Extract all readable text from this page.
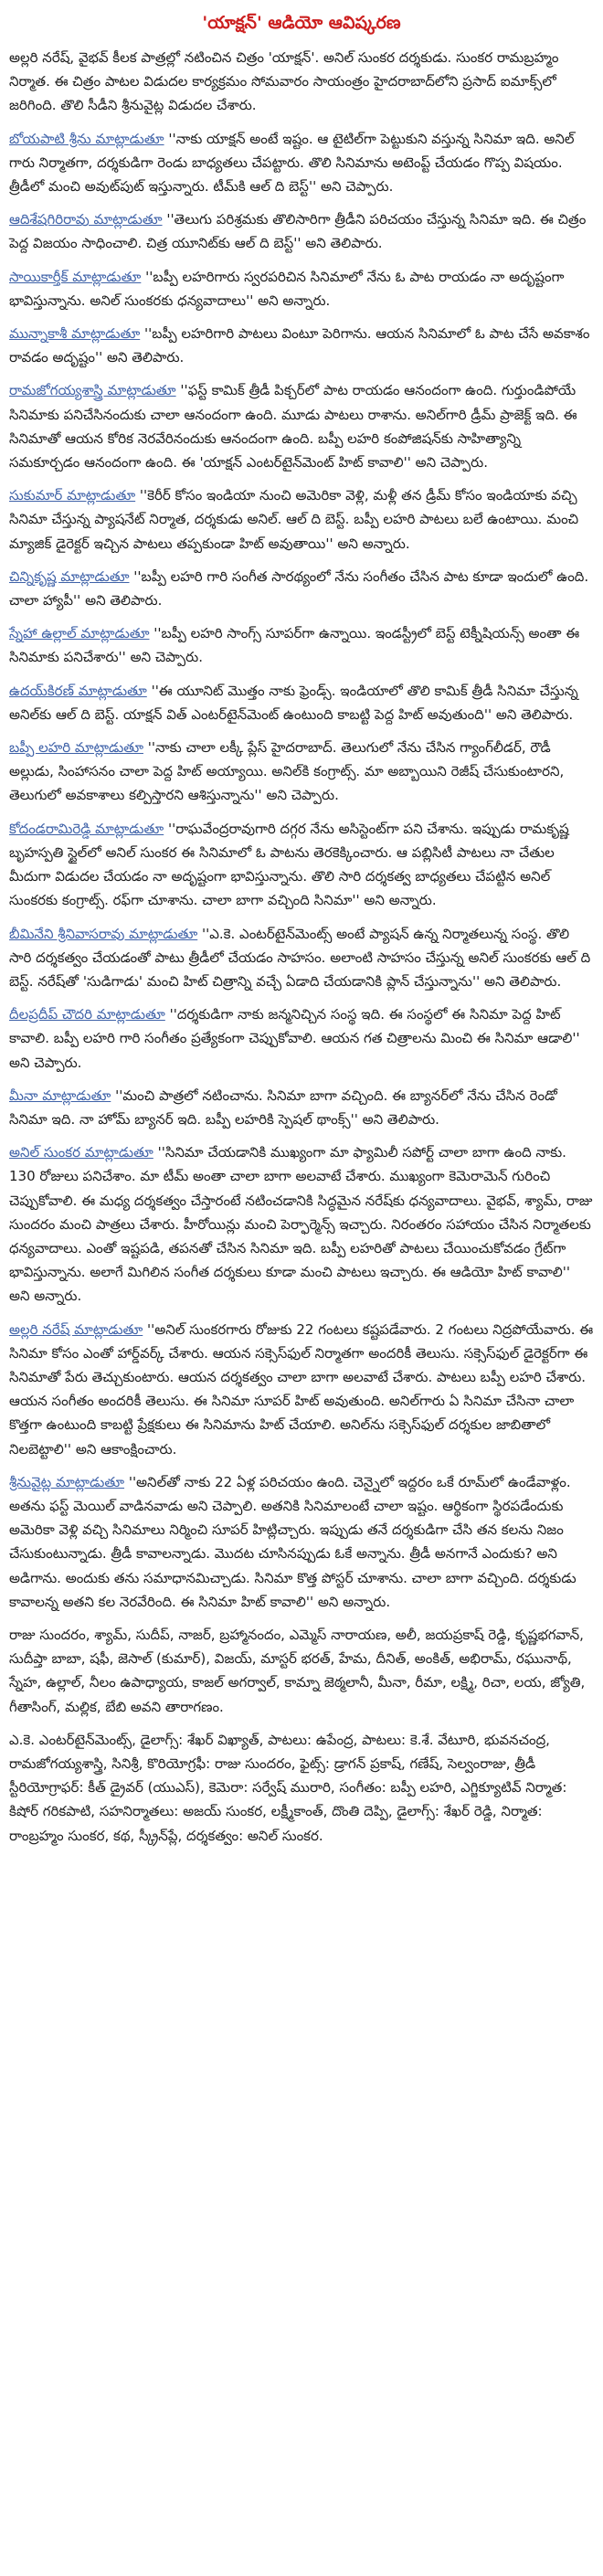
'యాక్షన్' ఆడియో ఆవిష్కరణ

అల్లరి నరేష్, వైభవ్ కీలక పాత్రల్లో నటించిన చిత్రం 'యాక్షన్'. అనిల్ సుంకర దర్శకుడు. సుంకర రామబ్రహ్మం నిర్మాత. ఈ చిత్రం పాటల విడుదల కార్యక్రమం సోమవారం సాయంత్రం హైదరాబాద్‌లోని ప్రసాద్ ఐమాక్స్‌లో జరిగింది. తొలి సీడీని శ్రీనువైట్ల విడుదల చేశారు.

బోయపాటి శ్రీను మాట్లాడుతూ ''నాకు యాక్షన్ అంటే ఇష్టం. ఆ టైటిల్‌గా పెట్టుకుని వస్తున్న సినిమా ఇది. అనిల్ గారు నిర్మాతగా, దర్శకుడిగా రెండు బాధ్యతలు చేపట్టారు. తొలి సినిమాను అటెంప్ట్ చేయడం గొప్ప విషయం. త్రీడీలో మంచి అవుట్‌పుట్ ఇస్తున్నారు. టీమ్‌కి ఆల్ ది బెస్ట్'' అని చెప్పారు.

ఆదిశేషగిరిరావు మాట్లాడుతూ ''తెలుగు పరిశ్రమకు తొలిసారిగా త్రీడీని పరిచయం చేస్తున్న సినిమా ఇది. ఈ చిత్రం పెద్ద విజయం సాధించాలి. చిత్ర యూనిట్‌కు ఆల్ ది బెస్ట్'' అని తెలిపారు.

సాయికార్తీక్ మాట్లాడుతూ ''బప్పీ లహరిగారు స్వరపరిచిన సినిమాలో నేను ఓ పాట రాయడం నా అదృష్టంగా భావిస్తున్నాను. అనిల్ సుంకరకు ధన్యవాదాలు'' అని అన్నారు.

మున్నాకాశీ మాట్లాడుతూ ''బప్పీ లహరిగారి పాటలు వింటూ పెరిగాను. ఆయన సినిమాలో ఓ పాట చేసే అవకాశం రావడం అదృష్టం'' అని తెలిపారు.

రామజోగయ్యశాస్త్రి మాట్లాడుతూ ''ఫస్ట్ కామిక్ త్రీడీ పిక్చర్‌లో పాట రాయడం ఆనందంగా ఉంది. గుర్తుండిపోయే సినిమాకు పనిచేసినందుకు చాలా ఆనందంగా ఉంది. మూడు పాటలు రాశాను. అనిల్‌గారి డ్రీమ్ ప్రాజెక్ట్ ఇది. ఈ సినిమాతో ఆయన కోరిక నెరవేరినందుకు ఆనందంగా ఉంది. బప్పీ లహరి కంపోజిషన్‌కు సాహిత్యాన్ని సమకూర్చడం ఆనందంగా ఉంది. ఈ 'యాక్షన్ ఎంటర్‌టైన్‌మెంట్ హిట్ కావాలి'' అని చెప్పారు.

సుకుమార్ మాట్లాడుతూ ''కెరీర్ కోసం ఇండియా నుంచి అమెరికా వెళ్లి, మళ్లీ తన డ్రీమ్ కోసం ఇండియాకు వచ్చి సినిమా చేస్తున్న ప్యాషనేట్ నిర్మాత, దర్శకుడు అనిల్. ఆల్ ది బెస్ట్. బప్పీ లహరి పాటలు బలే ఉంటాయి. మంచి మ్యాజిక్ డైరెక్టర్ ఇచ్చిన పాటలు తప్పకుండా హిట్ అవుతాయి'' అని అన్నారు.

చిన్నికృష్ణ మాట్లాడుతూ ''బప్పీ లహరి గారి సంగీత సారథ్యంలో నేను సంగీతం చేసిన పాట కూడా ఇందులో ఉంది. చాలా హ్యాపీ'' అని తెలిపారు.

స్నేహా ఉల్లాల్ మాట్లాడుతూ ''బప్పీ లహరి సాంగ్స్ సూపర్‌గా ఉన్నాయి. ఇండస్ట్రీలో బెస్ట్ టెక్నీషియన్స్ అంతా ఈ సినిమాకు పనిచేశారు'' అని చెప్పారు.

ఉదయ్‌కిరణ్ మాట్లాడుతూ ''ఈ యూనిట్ మొత్తం నాకు ఫ్రెండ్స్. ఇండియాలో తొలి కామిక్ త్రీడీ సినిమా చేస్తున్న అనిల్‌కు ఆల్ ది బెస్ట్. యాక్షన్ విత్ ఎంటర్‌టైన్‌మెంట్ ఉంటుంది కాబట్టి పెద్ద హిట్ అవుతుంది'' అని తెలిపారు.

బప్పీ లహరి మాట్లాడుతూ ''నాకు చాలా లక్కీ ప్లేస్ హైదరాబాద్. తెలుగులో నేను చేసిన గ్యాంగ్‌లీడర్, రౌడీ అల్లుడు, సింహాసనం చాలా పెద్ద హిట్ అయ్యాయి. అనిల్‌కి కంగ్రాట్స్. మా అబ్బాయిని రెజీష్ చేసుకుంటారని, తెలుగులో అవకాశాలు కల్పిస్తారని ఆశిస్తున్నాను'' అని చెప్పారు.

కోదండరామిరెడ్డి మాట్లాడుతూ ''రాఘవేంద్రరావుగారి దగ్గర నేను అసిస్టెంట్‌గా పని చేశాను. ఇప్పుడు రామకృష్ణ బృహస్పతి స్టైల్‌లో అనిల్ సుంకర ఈ సినిమాలో ఓ పాటను తెరకెక్కించారు. ఆ పబ్లిసిటీ పాటలు నా చేతుల మీదుగా విడుదల చేయడం నా అదృష్టంగా భావిస్తున్నాను. తొలి సారి దర్శకత్వ బాధ్యతలు చేపట్టిన అనిల్ సుంకరకు కంగ్రాట్స్. రఫ్‌గా చూశాను. చాలా బాగా వచ్చింది సినిమా'' అని అన్నారు.

బీమినేని శ్రీనివాసరావు మాట్లాడుతూ ''ఎ.కె. ఎంటర్‌టైన్‌మెంట్స్ అంటే ప్యాషన్ ఉన్న నిర్మాతలున్న సంస్థ. తొలి సారి దర్శకత్వం చేయడంతో పాటు త్రీడీలో చేయడం సాహసం. అలాంటి సాహసం చేస్తున్న అనిల్ సుంకరకు ఆల్ ది బెస్ట్. నరేష్‌తో 'సుడిగాడు' మంచి హిట్ చిత్రాన్ని వచ్చే ఏడాది చేయడానికి ప్లాన్ చేస్తున్నాను'' అని తెలిపారు.

దీలప్రదీప్ చౌదరి మాట్లాడుతూ ''దర్శకుడిగా నాకు జన్మనిచ్చిన సంస్థ ఇది. ఈ సంస్థలో ఈ సినిమా పెద్ద హిట్ కావాలి. బప్పీ లహరి గారి సంగీతం ప్రత్యేకంగా చెప్పుకోవాలి. ఆయన గత చిత్రాలను మించి ఈ సినిమా ఆడాలి'' అని చెప్పారు.

మీనా మాట్లాడుతూ ''మంచి పాత్రలో నటించాను. సినిమా బాగా వచ్చింది. ఈ బ్యానర్‌లో నేను చేసిన రెండో సినిమా ఇది. నా హోమ్ బ్యానర్ ఇది. బప్పీ లహరికి స్పెషల్ థాంక్స్'' అని తెలిపారు.

అనిల్ సుంకర మాట్లాడుతూ ''సినిమా చేయడానికి ముఖ్యంగా మా ఫ్యామిలీ సపోర్ట్ చాలా బాగా ఉంది నాకు. 130 రోజులు పనిచేశాం. మా టీమ్ అంతా చాలా బాగా అలవాటే చేశారు. ముఖ్యంగా కెమెరామెన్ గురించి చెప్పుకోవాలి. ఈ మధ్య దర్శకత్వం చేస్తారంటే నటించడానికి సిద్ధమైన నరేష్‌కు ధన్యవాదాలు. వైభవ్, శ్యామ్, రాజు సుందరం మంచి పాత్రలు చేశారు. హీరోయిన్లు మంచి పెర్ఫార్మెన్స్ ఇచ్చారు. నిరంతరం సహాయం చేసిన నిర్మాతలకు ధన్యవాదాలు. ఎంతో ఇష్టపడి, తపనతో చేసిన సినిమా ఇది. బప్పీ లహరితో పాటలు చేయించుకోవడం గ్రేట్‌గా భావిస్తున్నాను. అలాగే మిగిలిన సంగీత దర్శకులు కూడా మంచి పాటలు ఇచ్చారు. ఈ ఆడియో హిట్ కావాలి'' అని అన్నారు.

అల్లరి నరేష్ మాట్లాడుతూ ''అనిల్ సుంకరగారు రోజుకు 22 గంటలు కష్టపడేవారు. 2 గంటలు నిద్రపోయేవారు. ఈ సినిమా కోసం ఎంతో హార్డ్‌వర్క్ చేశారు. ఆయన సక్సెస్‌ఫుల్ నిర్మాతగా అందరికీ తెలుసు. సక్సెస్‌ఫుల్ డైరెక్టర్‌గా ఈ సినిమాతో పేరు తెచ్చుకుంటారు. ఆయన దర్శకత్వం చాలా బాగా అలవాటే చేశారు. పాటలు బప్పీ లహరి చేశారు. ఆయన సంగీతం అందరికీ తెలుసు. ఈ సినిమా సూపర్ హిట్ అవుతుంది. అనిల్‌గారు ఏ సినిమా చేసినా చాలా కొత్తగా ఉంటుంది కాబట్టి ప్రేక్షకులు ఈ సినిమాను హిట్ చేయాలి. అనిల్‌ను సక్సెస్‌ఫుల్ దర్శకుల జాబితాలో నిలబెట్టాలి'' అని ఆకాంక్షించారు.

శ్రీనువైట్ల మాట్లాడుతూ ''అనిల్‌తో నాకు 22 ఏళ్ల పరిచయం ఉంది. చెన్నైలో ఇద్దరం ఒకే రూమ్‌లో ఉండేవాళ్లం. అతను ఫస్ట్ మెయిల్ వాడినవాడు అని చెప్పాలి. అతనికి సినిమాలంటే చాలా ఇష్టం. ఆర్థికంగా స్థిరపడేందుకు అమెరికా వెళ్లి వచ్చి సినిమాలు నిర్మించి సూపర్ హిట్లిచ్చారు. ఇప్పుడు తనే దర్శకుడిగా చేసి తన కలను నిజం చేసుకుంటున్నాడు. త్రీడీ కావాలన్నాడు. మొదట చూసినప్పుడు ఓకే అన్నాను. త్రీడీ అనగానే ఎందుకు? అని అడిగాను. అందుకు తను సమాధానమిచ్చాడు. సినిమా కొత్త పోస్టర్ చూశాను. చాలా బాగా వచ్చింది. దర్శకుడు కావాలన్న అతని కల నెరవేరింది. ఈ సినిమా హిట్ కావాలి'' అని అన్నారు.

రాజు సుందరం, శ్యామ్, సుదీప్, నాజర్, బ్రహ్మానందం, ఎమ్మెస్ నారాయణ, అలీ, జయప్రకాష్ రెడ్డి, కృష్ణభగవాన్, సుదీప్తా బాబా, షఫీ, జెసాల్ (కుమార్), విజయ్, మాస్టర్ భరత్, హేమ, దీనిత్, అంకిత్, అభిరామ్, రఘునాథ్, స్నేహ, ఉల్లాల్, నీలం ఉపాధ్యాయ, కాజల్ అగర్వాల్, కామ్నా జెఠ్మలానీ, మీనా, రీమా, లక్ష్మి, రిచా, లయ, జ్యోతి, గీతాసింగ్, మల్లిక, బేబి అవని తారాగణం.

ఎ.కె. ఎంటర్‌టైన్‌మెంట్స్, డైలాగ్స్: శేఖర్ విఖ్యాత్, పాటలు: ఉపేంద్ర, పాటలు: కె.శే. వేటూరి, భువనచంద్ర, రామజోగయ్యశాస్త్రి, సినిశ్రీ, కొరియోగ్రఫీ: రాజు సుందరం, ఫైట్స్: డ్రాగన్ ప్రకాష్, గణేష్, సెల్వంరాజు, త్రీడీ స్టీరియోగ్రాఫర్: కీత్ డ్రైవర్ (యుఎస్), కెమెరా: సర్వేష్ మురారి, సంగీతం: బప్పీ లహరి, ఎగ్జిక్యూటివ్ నిర్మాత: కిషోర్ గరికపాటి, సహనిర్మాతలు: అజయ్ సుంకర, లక్ష్మీకాంత్, దొంతి దెప్పి, డైలాగ్స్: శేఖర్ రెడ్డి, నిర్మాత: రాంబ్రహ్మం సుంకర, కథ, స్క్రీన్‌ప్లే, దర్శకత్వం: అనిల్ సుంకర.
